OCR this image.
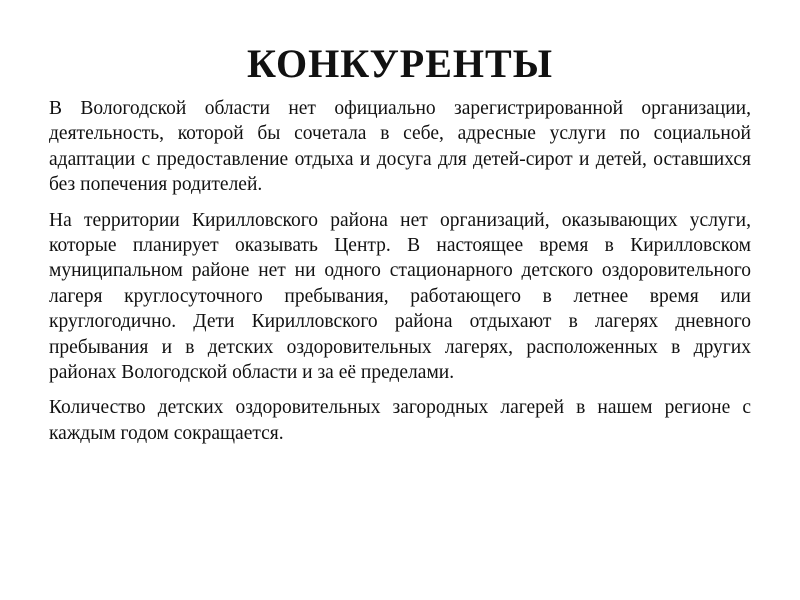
КОНКУРЕНТЫ

В Вологодской области нет официально зарегистрированной организации, деятельность, которой бы сочетала в себе, адресные услуги по социальной адаптации с предоставление отдыха и досуга для детей-сирот и детей, оставшихся без попечения родителей.

На территории Кирилловского района нет организаций, оказывающих услуги, которые планирует оказывать Центр. В настоящее время в Кирилловском муниципальном районе нет ни одного стационарного детского оздоровительного лагеря круглосуточного пребывания, работающего в летнее время или круглогодично. Дети Кирилловского района отдыхают в лагерях дневного пребывания и в детских оздоровительных лагерях, расположенных в других районах Вологодской области и за её пределами.

Количество детских оздоровительных загородных лагерей в нашем регионе с каждым годом сокращается.
